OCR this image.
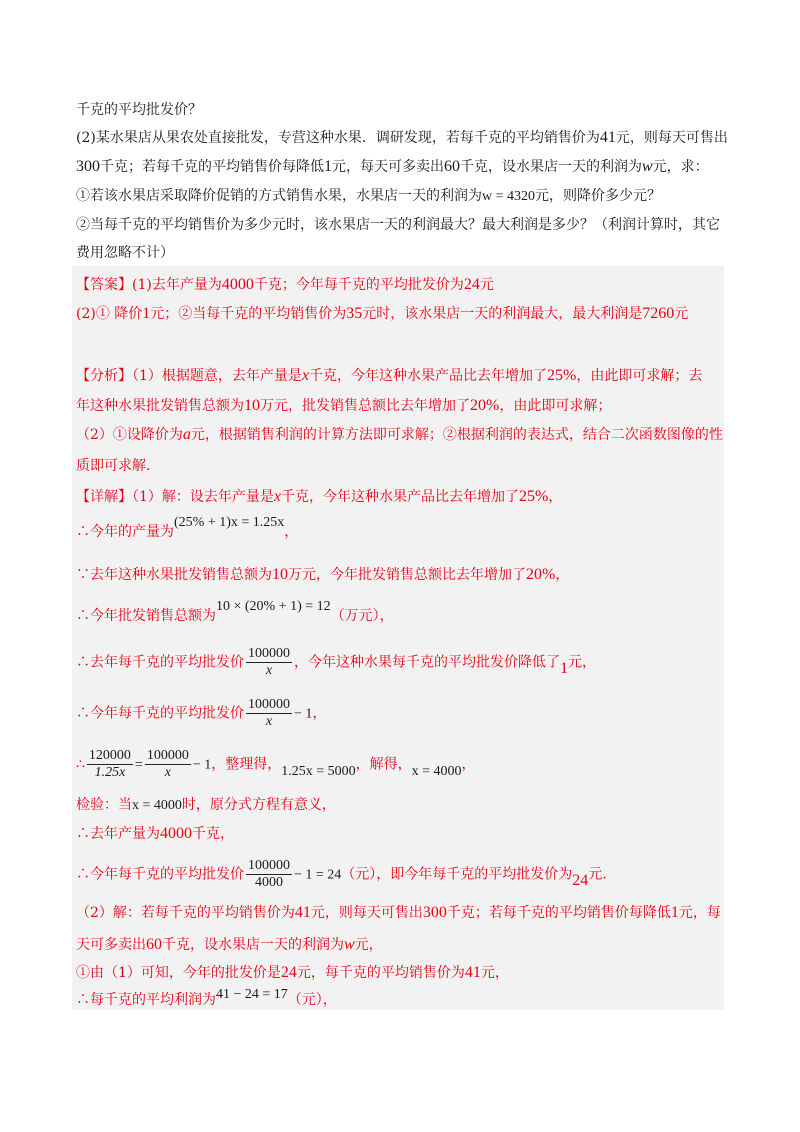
千克的平均批发价？
(2)某水果店从果农处直接批发，专营这种水果．调研发现，若每千克的平均销售价为41元，则每天可售出
300千克；若每千克的平均销售价每降低1元，每天可多卖出60千克，设水果店一天的利润为w元，求：
①若该水果店采取降价促销的方式销售水果，水果店一天的利润为w = 4320元，则降价多少元？
②当每千克的平均销售价为多少元时，该水果店一天的利润最大？最大利润是多少？（利润计算时，其它
费用忽略不计）
【答案】(1)去年产量为4000千克；今年每千克的平均批发价为24元
(2)① 降价1元；②当每千克的平均销售价为35元时，该水果店一天的利润最大，最大利润是7260元
【分析】（1）根据题意，去年产量是x千克，今年这种水果产品比去年增加了25%，由此即可求解；去
年这种水果批发销售总额为10万元，批发销售总额比去年增加了20%，由此即可求解；
（2）①设降价为a元，根据销售利润的计算方法即可求解；②根据利润的表达式，结合二次函数图像的性
质即可求解．
【详解】（1）解：设去年产量是x千克，今年这种水果产品比去年增加了25%，
∴今年的产量为(25% + 1)x = 1.25x，
∵去年这种水果批发销售总额为10万元，今年批发销售总额比去年增加了20%，
∴今年批发销售总额为10 × (20% + 1) = 12（万元），
∴去年每千克的平均批发价 $\frac{100000}{x}$ ，今年这种水果每千克的平均批发价降低了1元，
∴今年每千克的平均批发价 $\frac{100000}{x} - 1$，
∴ $\frac{120000}{1.25x} = \frac{100000}{x} - 1$，整理得，1.25x = 5000，解得，x = 4000，
检验：当x = 4000时，原分式方程有意义，
∴去年产量为4000千克，
∴今年每千克的平均批发价 $\frac{100000}{4000} - 1 = 24$（元），即今年每千克的平均批发价为24元．
（2）解：若每千克的平均销售价为41元，则每天可售出300千克；若每千克的平均销售价每降低1元，每
天可多卖出60千克，设水果店一天的利润为w元，
①由（1）可知，今年的批发价是24元，每千克的平均销售价为41元，
∴每千克的平均利润为41 − 24 = 17（元），
